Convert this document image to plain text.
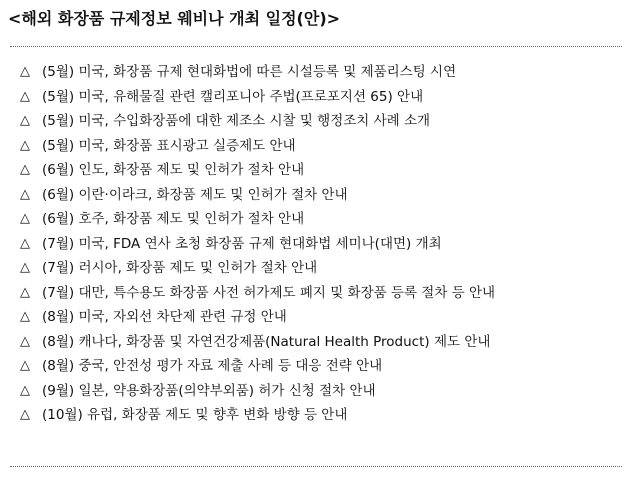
<해외 화장품 규제정보 웨비나 개최 일정(안)>
△ (5월) 미국, 화장품 규제 현대화법에 따른 시설등록 및 제품리스팅 시연
△ (5월) 미국, 유해물질 관련 캘리포니아 주법(프로포지션 65) 안내
△ (5월) 미국, 수입화장품에 대한 제조소 시찰 및 행정조치 사례 소개
△ (5월) 미국, 화장품 표시광고 실증제도 안내
△ (6월) 인도, 화장품 제도 및 인허가 절차 안내
△ (6월) 이란·이라크, 화장품 제도 및 인허가 절차 안내
△ (6월) 호주, 화장품 제도 및 인허가 절차 안내
△ (7월) 미국, FDA 연사 초청 화장품 규제 현대화법 세미나(대면) 개최
△ (7월) 러시아, 화장품 제도 및 인허가 절차 안내
△ (7월) 대만, 특수용도 화장품 사전 허가제도 폐지 및 화장품 등록 절차 등 안내
△ (8월) 미국, 자외선 차단제 관련 규정 안내
△ (8월) 캐나다, 화장품 및 자연건강제품(Natural Health Product) 제도 안내
△ (8월) 중국, 안전성 평가 자료 제출 사례 등 대응 전략 안내
△ (9월) 일본, 약용화장품(의약부외품) 허가 신청 절차 안내
△ (10월) 유럽, 화장품 제도 및 향후 변화 방향 등 안내
